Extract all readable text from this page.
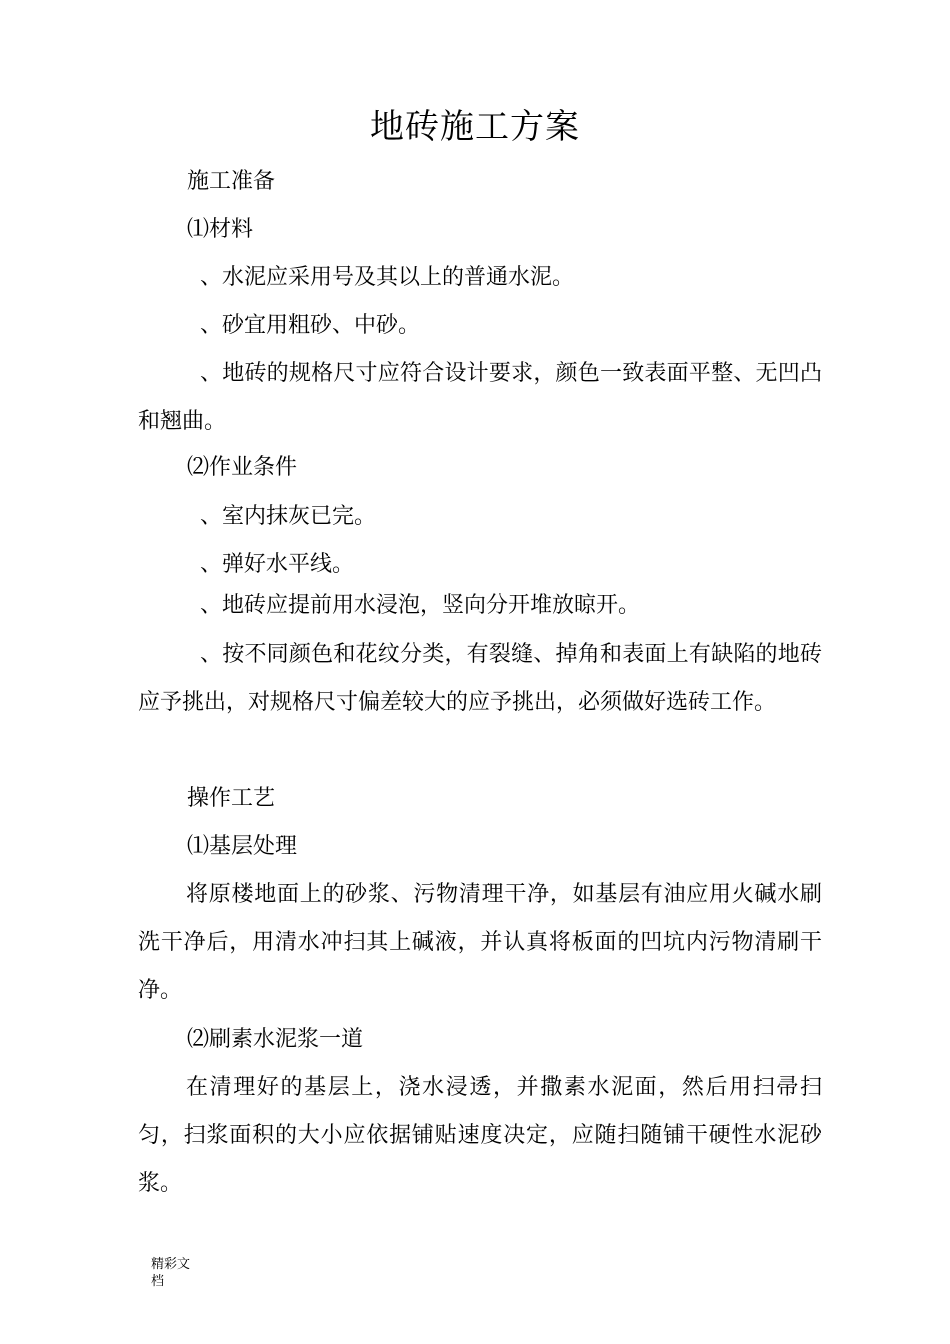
地砖施工方案
施工准备
⑴材料
、水泥应采用号及其以上的普通水泥。
、砂宜用粗砂、中砂。
、地砖的规格尺寸应符合设计要求，颜色一致表面平整、无凹凸和翘曲。
⑵作业条件
、室内抹灰已完。
、弹好水平线。
、地砖应提前用水浸泡，竖向分开堆放晾开。
、按不同颜色和花纹分类，有裂缝、掉角和表面上有缺陷的地砖应予挑出，对规格尺寸偏差较大的应予挑出，必须做好选砖工作。
操作工艺
⑴基层处理
将原楼地面上的砂浆、污物清理干净，如基层有油应用火碱水刷洗干净后，用清水冲扫其上碱液，并认真将板面的凹坑内污物清刷干净。
⑵刷素水泥浆一道
在清理好的基层上，浇水浸透，并撒素水泥面，然后用扫帚扫匀，扫浆面积的大小应依据铺贴速度决定，应随扫随铺干硬性水泥砂浆。
精彩文档
